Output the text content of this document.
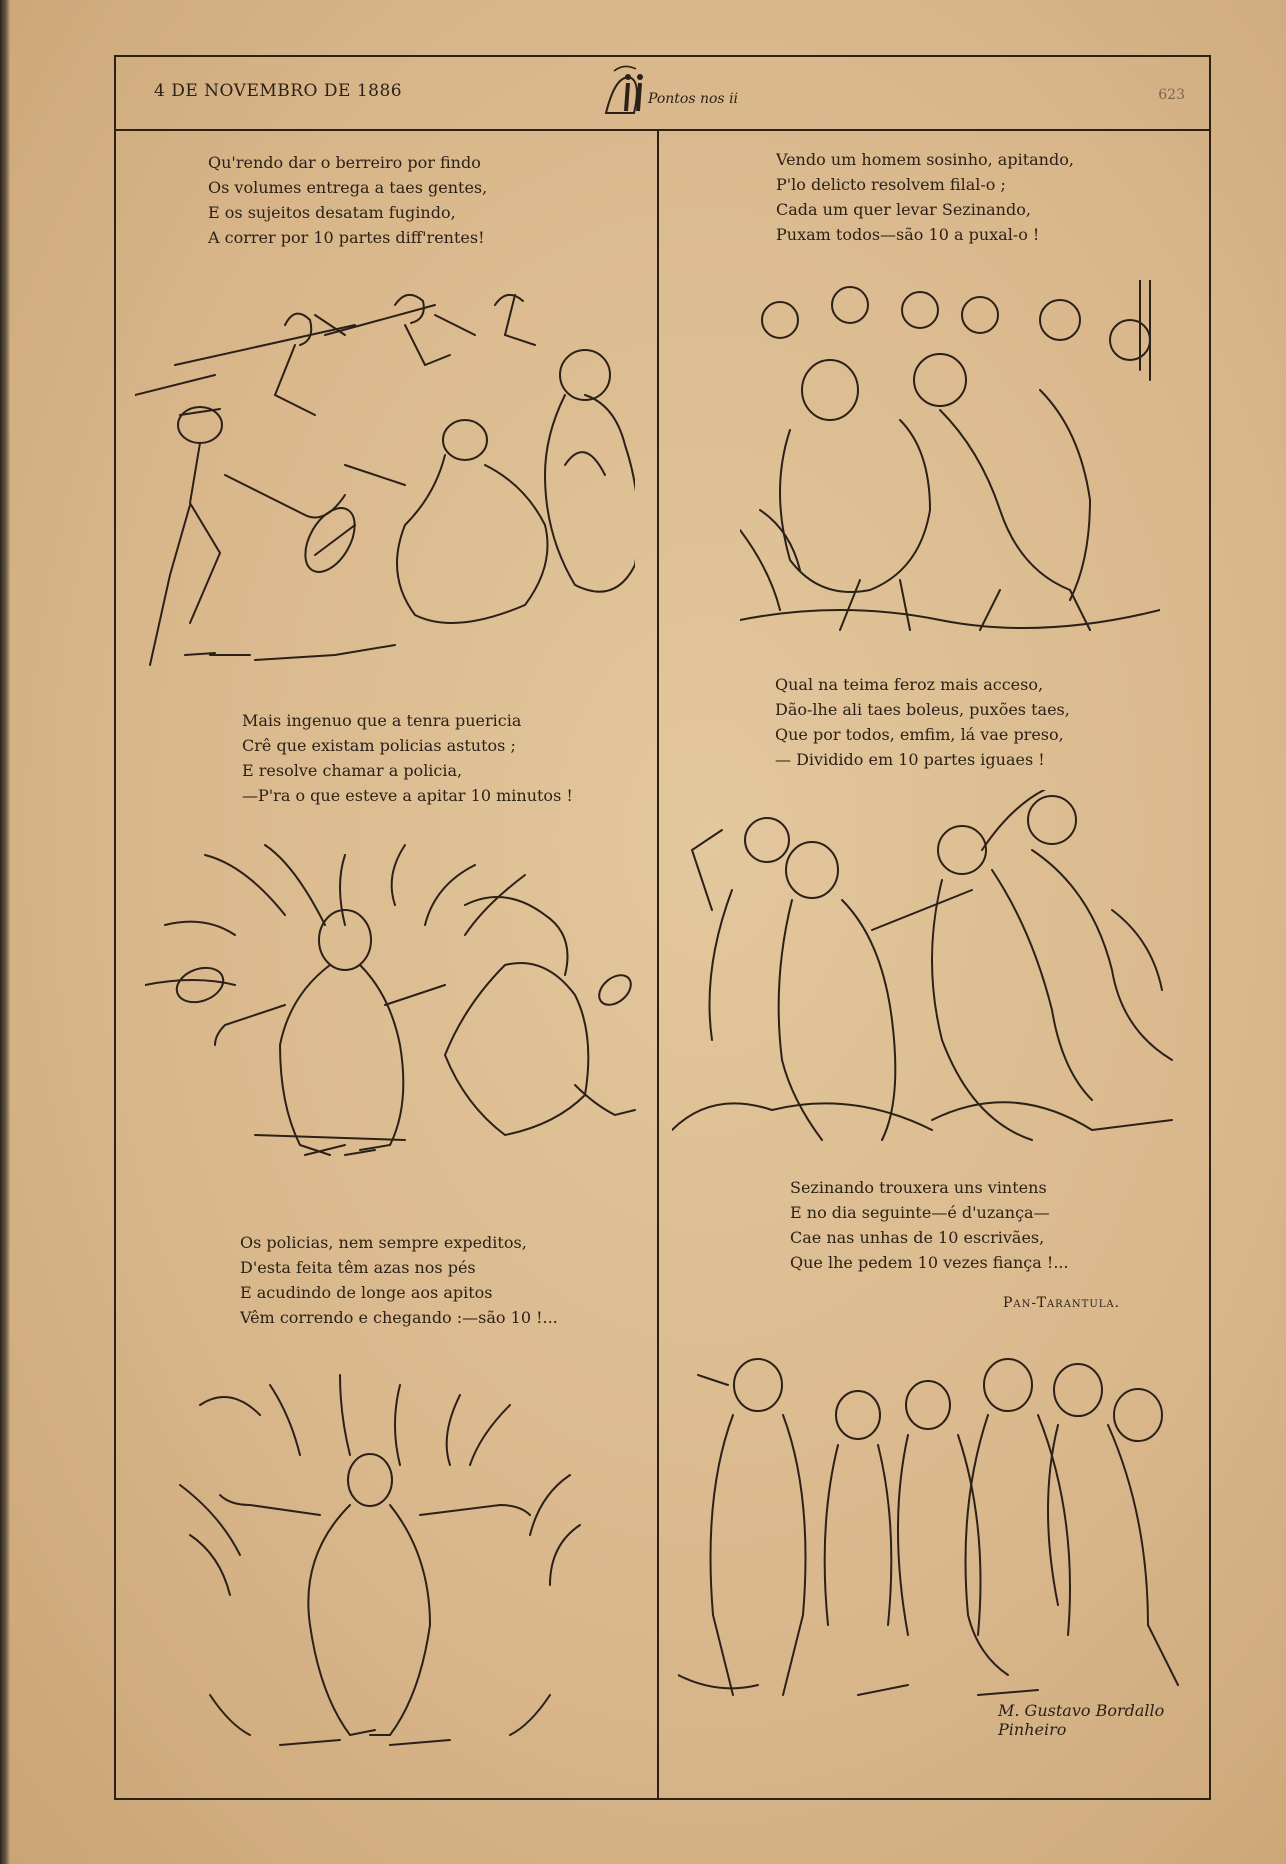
4 DE NOVEMBRO DE 1886	Pontos nos ii	623
Qu'rendo dar o berreiro por findo
Os volumes entrega a taes gentes,
E os sujeitos desatam fugindo,
A correr por 10 partes diff'rentes!
Mais ingenuo que a tenra puericia
Crê que existam policias astutos ;
E resolve chamar a policia,
—P'ra o que esteve a apitar 10 minutos !
Os policias, nem sempre expeditos,
D'esta feita têm azas nos pés
E acudindo de longe aos apitos
Vêm correndo e chegando :—são 10 !...
Vendo um homem sosinho, apitando,
P'lo delicto resolvem filal-o ;
Cada um quer levar Sezinando,
Puxam todos—são 10 a puxal-o !
Qual na teima feroz mais acceso,
Dão-lhe ali taes boleus, puxões taes,
Que por todos, emfim, lá vae preso,
— Dividido em 10 partes iguaes !
Sezinando trouxera uns vintens
E no dia seguinte—é d'uzança—
Cae nas unhas de 10 escrivães,
Que lhe pedem 10 vezes fiança !...
Pan-Tarantula.
M. Gustavo Bordallo Pinheiro
